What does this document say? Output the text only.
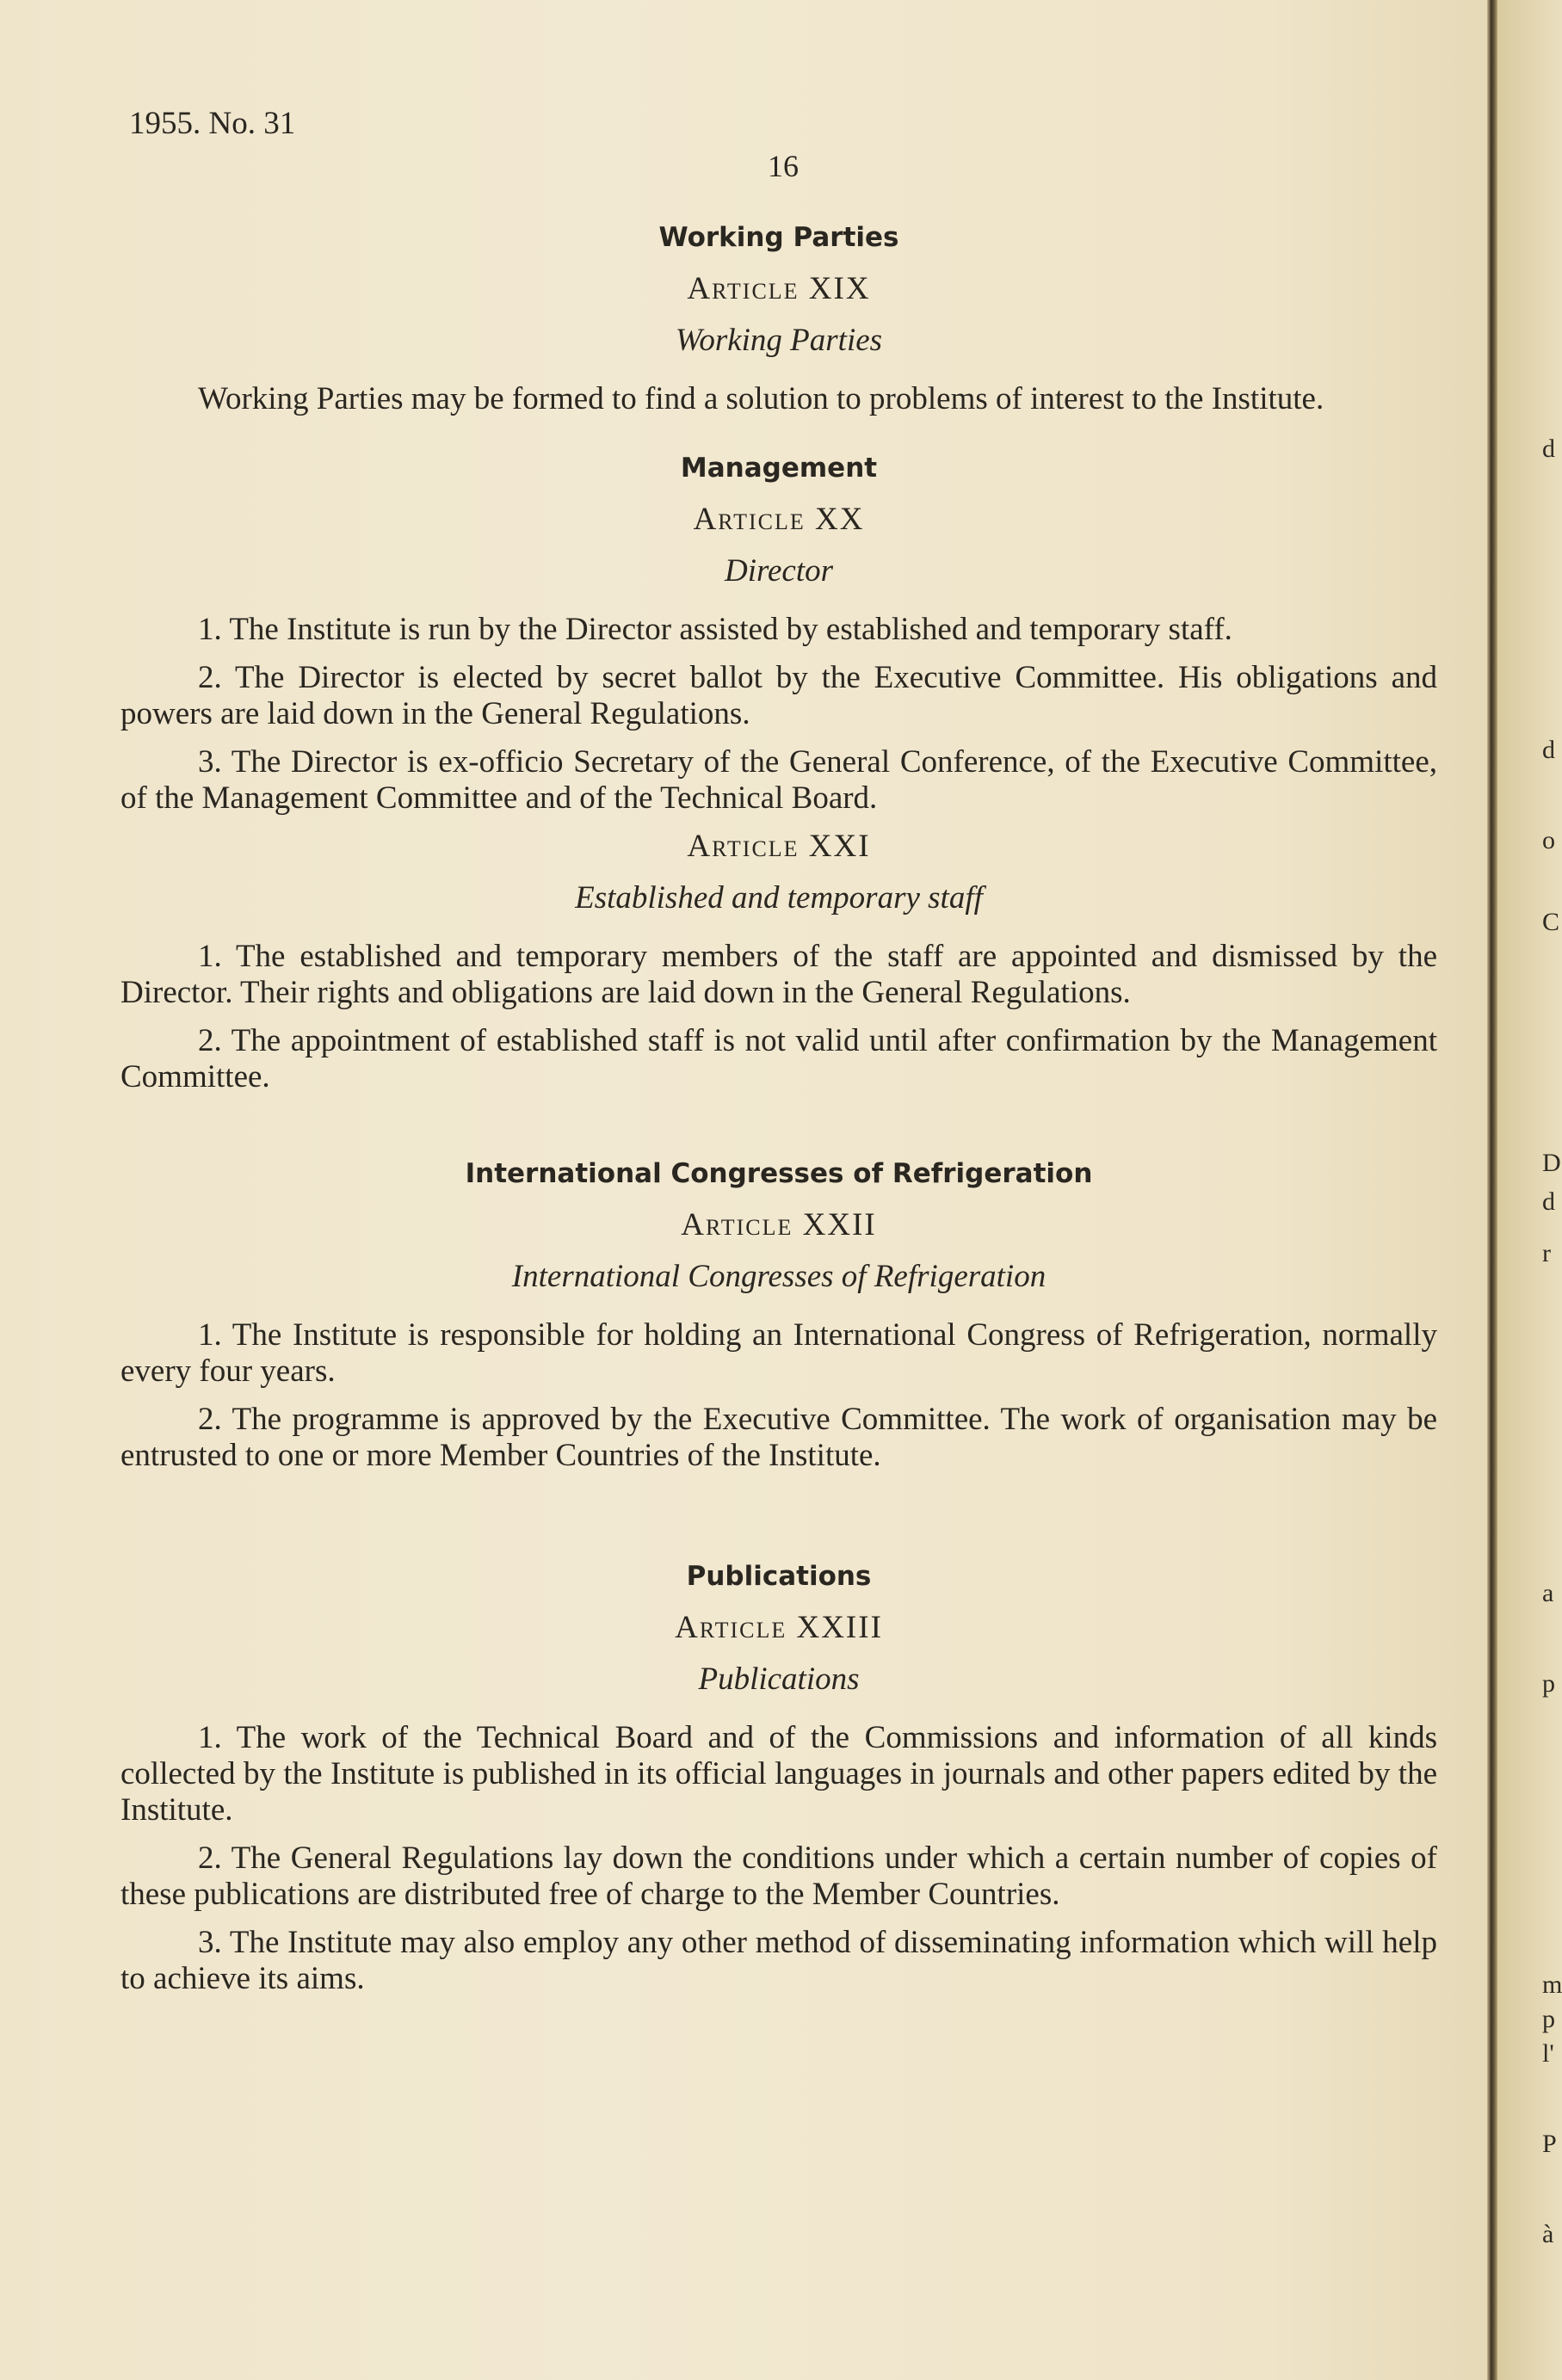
1955. No. 31
16
Working Parties
Article XIX
Working Parties

Working Parties may be formed to find a solution to problems of interest to the Institute.

Management
Article XX
Director

1. The Institute is run by the Director assisted by established and temporary staff.

2. The Director is elected by secret ballot by the Executive Committee. His obligations and powers are laid down in the General Regulations.

3. The Director is ex-officio Secretary of the General Conference, of the Executive Committee, of the Management Committee and of the Technical Board.

Article XXI
Established and temporary staff

1. The established and temporary members of the staff are appointed and dismissed by the Director. Their rights and obligations are laid down in the General Regulations.

2. The appointment of established staff is not valid until after confirmation by the Management Committee.

International Congresses of Refrigeration
Article XXII
International Congresses of Refrigeration

1. The Institute is responsible for holding an International Congress of Refrigeration, normally every four years.

2. The programme is approved by the Executive Committee. The work of organisation may be entrusted to one or more Member Countries of the Institute.

Publications
Article XXIII
Publications

1. The work of the Technical Board and of the Commissions and information of all kinds collected by the Institute is published in its official languages in journals and other papers edited by the Institute.

2. The General Regulations lay down the conditions under which a certain number of copies of these publications are distributed free of charge to the Member Countries.

3. The Institute may also employ any other method of disseminating information which will help to achieve its aims.

d
d
o
C
D
d
r
a
p
m
p
l'
P
à
